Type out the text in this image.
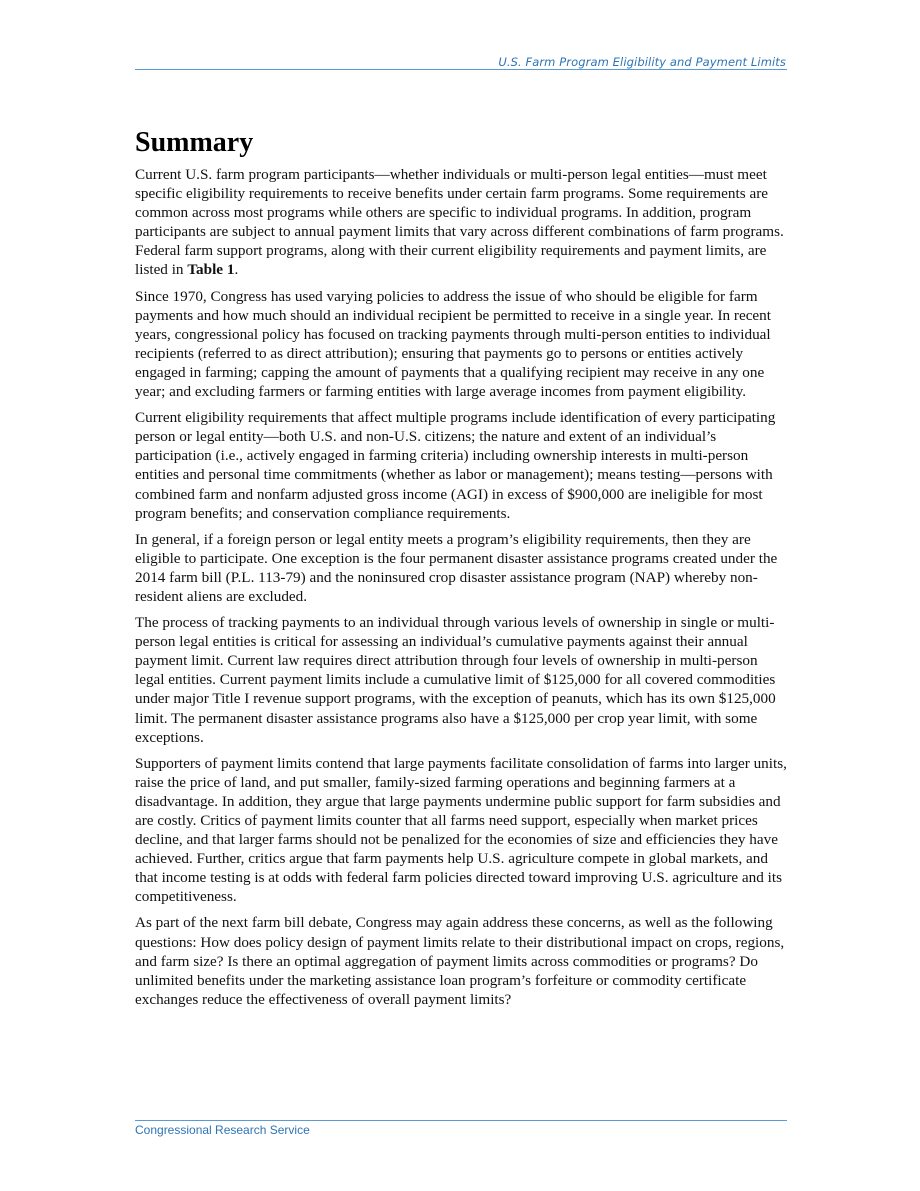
U.S. Farm Program Eligibility and Payment Limits
Summary

Current U.S. farm program participants—whether individuals or multi-person legal entities—must meet specific eligibility requirements to receive benefits under certain farm programs. Some requirements are common across most programs while others are specific to individual programs. In addition, program participants are subject to annual payment limits that vary across different combinations of farm programs. Federal farm support programs, along with their current eligibility requirements and payment limits, are listed in Table 1.

Since 1970, Congress has used varying policies to address the issue of who should be eligible for farm payments and how much should an individual recipient be permitted to receive in a single year. In recent years, congressional policy has focused on tracking payments through multi-person entities to individual recipients (referred to as direct attribution); ensuring that payments go to persons or entities actively engaged in farming; capping the amount of payments that a qualifying recipient may receive in any one year; and excluding farmers or farming entities with large average incomes from payment eligibility.

Current eligibility requirements that affect multiple programs include identification of every participating person or legal entity—both U.S. and non-U.S. citizens; the nature and extent of an individual’s participation (i.e., actively engaged in farming criteria) including ownership interests in multi-person entities and personal time commitments (whether as labor or management); means testing—persons with combined farm and nonfarm adjusted gross income (AGI) in excess of $900,000 are ineligible for most program benefits; and conservation compliance requirements.

In general, if a foreign person or legal entity meets a program’s eligibility requirements, then they are eligible to participate. One exception is the four permanent disaster assistance programs created under the 2014 farm bill (P.L. 113-79) and the noninsured crop disaster assistance program (NAP) whereby non-resident aliens are excluded.

The process of tracking payments to an individual through various levels of ownership in single or multi-person legal entities is critical for assessing an individual’s cumulative payments against their annual payment limit. Current law requires direct attribution through four levels of ownership in multi-person legal entities. Current payment limits include a cumulative limit of $125,000 for all covered commodities under major Title I revenue support programs, with the exception of peanuts, which has its own $125,000 limit. The permanent disaster assistance programs also have a $125,000 per crop year limit, with some exceptions.

Supporters of payment limits contend that large payments facilitate consolidation of farms into larger units, raise the price of land, and put smaller, family-sized farming operations and beginning farmers at a disadvantage. In addition, they argue that large payments undermine public support for farm subsidies and are costly. Critics of payment limits counter that all farms need support, especially when market prices decline, and that larger farms should not be penalized for the economies of size and efficiencies they have achieved. Further, critics argue that farm payments help U.S. agriculture compete in global markets, and that income testing is at odds with federal farm policies directed toward improving U.S. agriculture and its competitiveness.

As part of the next farm bill debate, Congress may again address these concerns, as well as the following questions: How does policy design of payment limits relate to their distributional impact on crops, regions, and farm size? Is there an optimal aggregation of payment limits across commodities or programs? Do unlimited benefits under the marketing assistance loan program’s forfeiture or commodity certificate exchanges reduce the effectiveness of overall payment limits?

Congressional Research Service
